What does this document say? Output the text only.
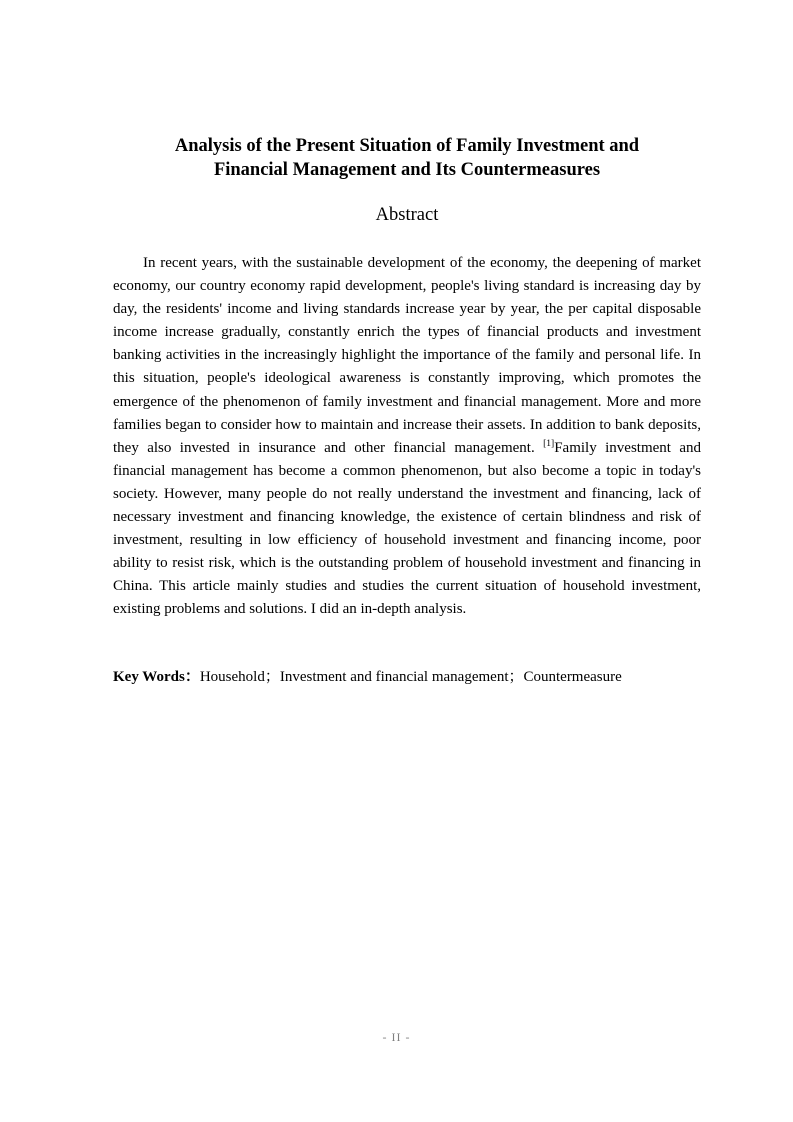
Analysis of the Present Situation of Family Investment and
Financial Management and Its Countermeasures
Abstract

In recent years, with the sustainable development of the economy, the deepening of market economy, our country economy rapid development, people's living standard is increasing day by day, the residents' income and living standards increase year by year, the per capital disposable income increase gradually, constantly enrich the types of financial products and investment banking activities in the increasingly highlight the importance of the family and personal life. In this situation, people's ideological awareness is constantly improving, which promotes the emergence of the phenomenon of family investment and financial management. More and more families began to consider how to maintain and increase their assets. In addition to bank deposits, they also invested in insurance and other financial management. [1]Family investment and financial management has become a common phenomenon, but also become a topic in today's society. However, many people do not really understand the investment and financing, lack of necessary investment and financing knowledge, the existence of certain blindness and risk of investment, resulting in low efficiency of household investment and financing income, poor ability to resist risk, which is the outstanding problem of household investment and financing in China. This article mainly studies and studies the current situation of household investment, existing problems and solutions. I did an in-depth analysis.

Key Words：Household；Investment and financial management；Countermeasure

- II -
